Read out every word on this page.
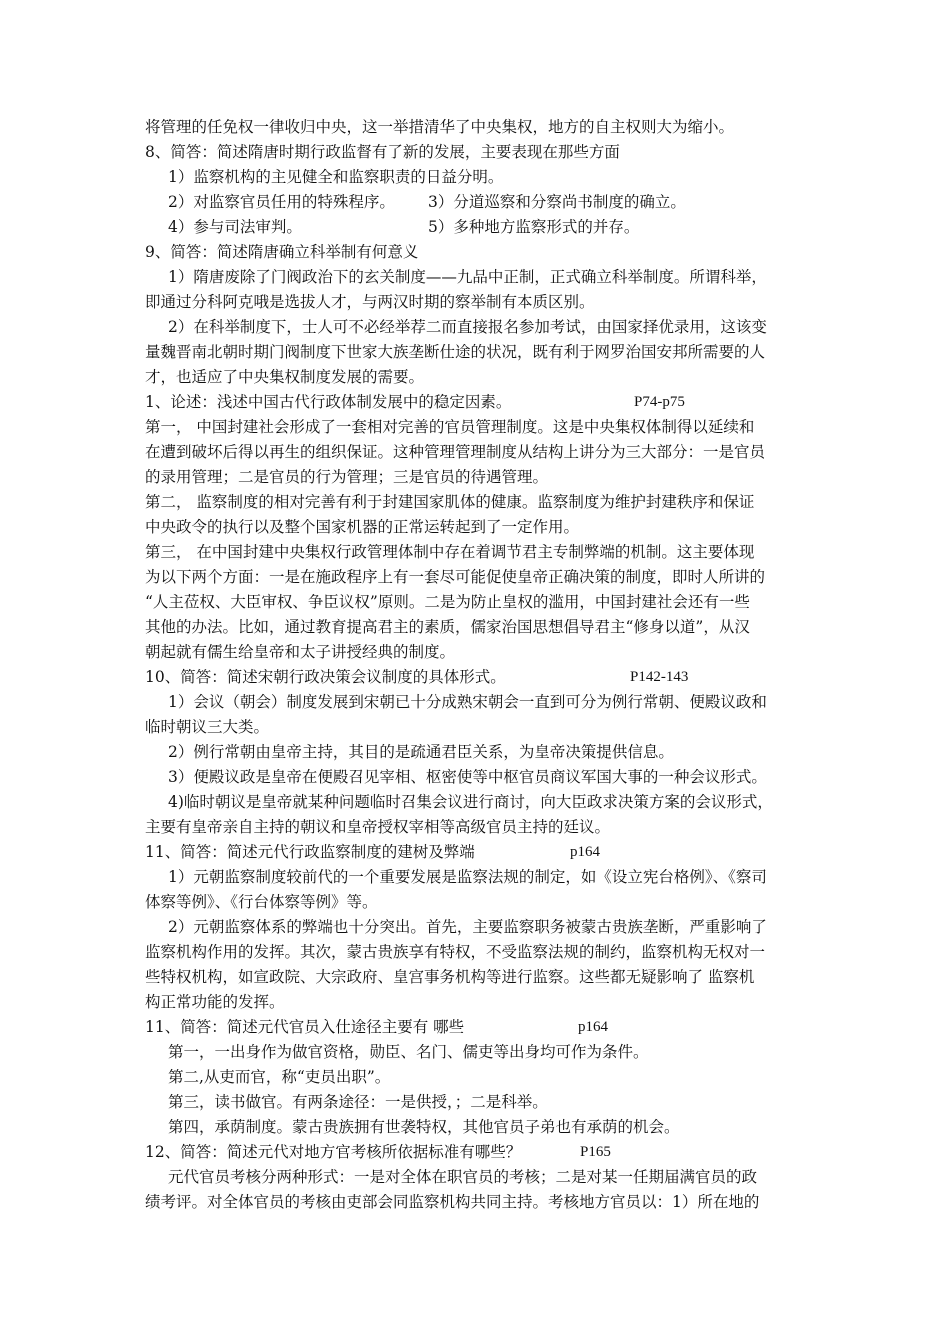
将管理的任免权一律收归中央，这一举措清华了中央集权，地方的自主权则大为缩小。
8、简答：简述隋唐时期行政监督有了新的发展，主要表现在那些方面
1）监察机构的主见健全和监察职责的日益分明。
2）对监察官员任用的特殊程序。	3）分道巡察和分察尚书制度的确立。
4）参与司法审判。	5）多种地方监察形式的并存。
9、简答：简述隋唐确立科举制有何意义
1）隋唐废除了门阀政治下的玄关制度——九品中正制，正式确立科举制度。所谓科举，
即通过分科阿克哦是选拔人才，与两汉时期的察举制有本质区别。
2）在科举制度下，士人可不必经举荐二而直接报名参加考试，由国家择优录用，这该变
量魏晋南北朝时期门阀制度下世家大族垄断仕途的状况，既有利于网罗治国安邦所需要的人
才，也适应了中央集权制度发展的需要。
1、论述：浅述中国古代行政体制发展中的稳定因素。	P74-p75
第一， 中国封建社会形成了一套相对完善的官员管理制度。这是中央集权体制得以延续和
在遭到破坏后得以再生的组织保证。这种管理管理制度从结构上讲分为三大部分：一是官员
的录用管理；二是官员的行为管理；三是官员的待遇管理。
第二， 监察制度的相对完善有利于封建国家肌体的健康。监察制度为维护封建秩序和保证
中央政令的执行以及整个国家机器的正常运转起到了一定作用。
第三， 在中国封建中央集权行政管理体制中存在着调节君主专制弊端的机制。这主要体现
为以下两个方面：一是在施政程序上有一套尽可能促使皇帝正确决策的制度，即时人所讲的
“人主莅权、大臣审权、争臣议权”原则。二是为防止皇权的滥用，中国封建社会还有一些
其他的办法。比如，通过教育提高君主的素质，儒家治国思想倡导君主“修身以道”，从汉
朝起就有儒生给皇帝和太子讲授经典的制度。
10、简答：简述宋朝行政决策会议制度的具体形式。	P142-143
1）会议（朝会）制度发展到宋朝已十分成熟宋朝会一直到可分为例行常朝、便殿议政和
临时朝议三大类。
2）例行常朝由皇帝主持，其目的是疏通君臣关系，为皇帝决策提供信息。
3）便殿议政是皇帝在便殿召见宰相、枢密使等中枢官员商议军国大事的一种会议形式。
4)临时朝议是皇帝就某种问题临时召集会议进行商讨，向大臣政求决策方案的会议形式，
主要有皇帝亲自主持的朝议和皇帝授权宰相等高级官员主持的廷议。
11、简答：简述元代行政监察制度的建树及弊端	p164
1）元朝监察制度较前代的一个重要发展是监察法规的制定，如《设立宪台格例》、《察司
体察等例》、《行台体察等例》等。
2）元朝监察体系的弊端也十分突出。首先，主要监察职务被蒙古贵族垄断，严重影响了
监察机构作用的发挥。其次，蒙古贵族享有特权，不受监察法规的制约，监察机构无权对一
些特权机构，如宣政院、大宗政府、皇宫事务机构等进行监察。这些都无疑影响了 监察机
构正常功能的发挥。
11、简答：简述元代官员入仕途径主要有 哪些	p164
第一，一出身作为做官资格，勋臣、名门、儒吏等出身均可作为条件。
第二,从吏而官，称“吏员出职”。
第三，读书做官。有两条途径：一是供授，；二是科举。
第四，承荫制度。蒙古贵族拥有世袭特权，其他官员子弟也有承荫的机会。
12、简答：简述元代对地方官考核所依据标准有哪些？	P165
元代官员考核分两种形式：一是对全体在职官员的考核；二是对某一任期届满官员的政
绩考评。对全体官员的考核由吏部会同监察机构共同主持。考核地方官员以：1）所在地的
